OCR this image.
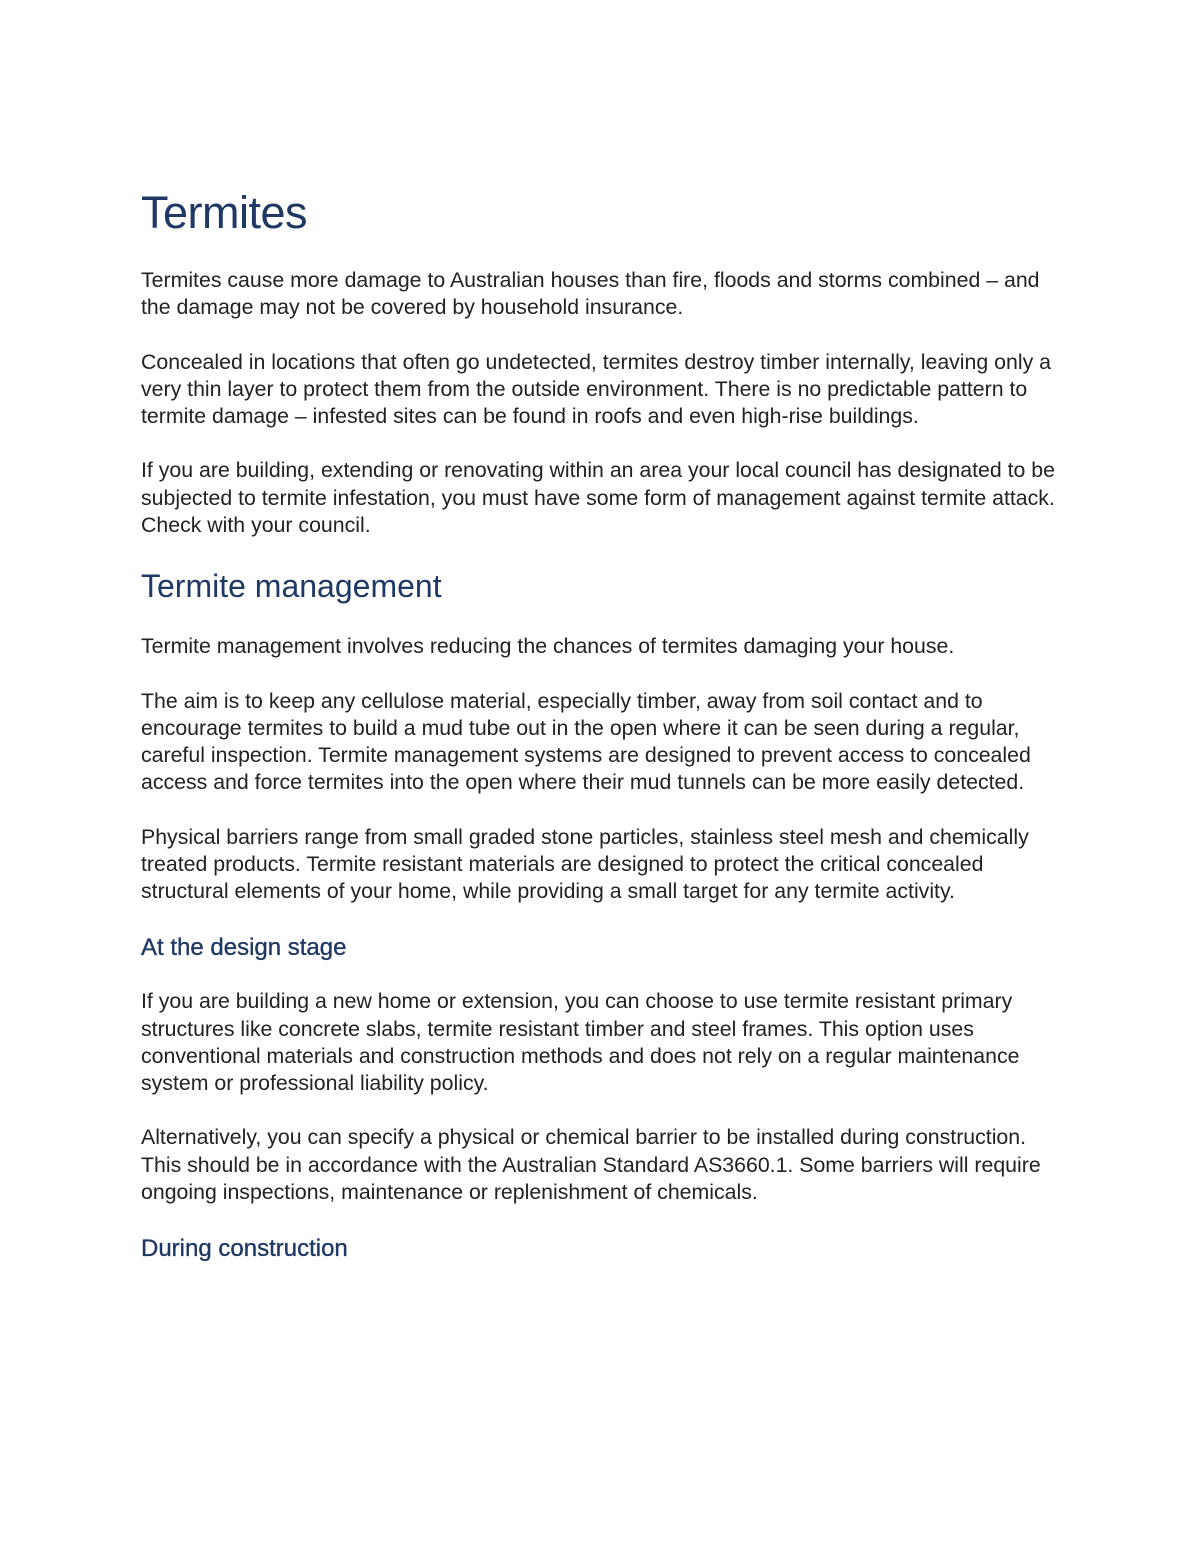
Termites

Termites cause more damage to Australian houses than fire, floods and storms combined – and the damage may not be covered by household insurance.

Concealed in locations that often go undetected, termites destroy timber internally, leaving only a very thin layer to protect them from the outside environment. There is no predictable pattern to termite damage – infested sites can be found in roofs and even high-rise buildings.

If you are building, extending or renovating within an area your local council has designated to be subjected to termite infestation, you must have some form of management against termite attack. Check with your council.

Termite management

Termite management involves reducing the chances of termites damaging your house.

The aim is to keep any cellulose material, especially timber, away from soil contact and to encourage termites to build a mud tube out in the open where it can be seen during a regular, careful inspection. Termite management systems are designed to prevent access to concealed access and force termites into the open where their mud tunnels can be more easily detected.

Physical barriers range from small graded stone particles, stainless steel mesh and chemically treated products. Termite resistant materials are designed to protect the critical concealed structural elements of your home, while providing a small target for any termite activity.

At the design stage

If you are building a new home or extension, you can choose to use termite resistant primary structures like concrete slabs, termite resistant timber and steel frames. This option uses conventional materials and construction methods and does not rely on a regular maintenance system or professional liability policy.

Alternatively, you can specify a physical or chemical barrier to be installed during construction. This should be in accordance with the Australian Standard AS3660.1. Some barriers will require ongoing inspections, maintenance or replenishment of chemicals.

During construction
